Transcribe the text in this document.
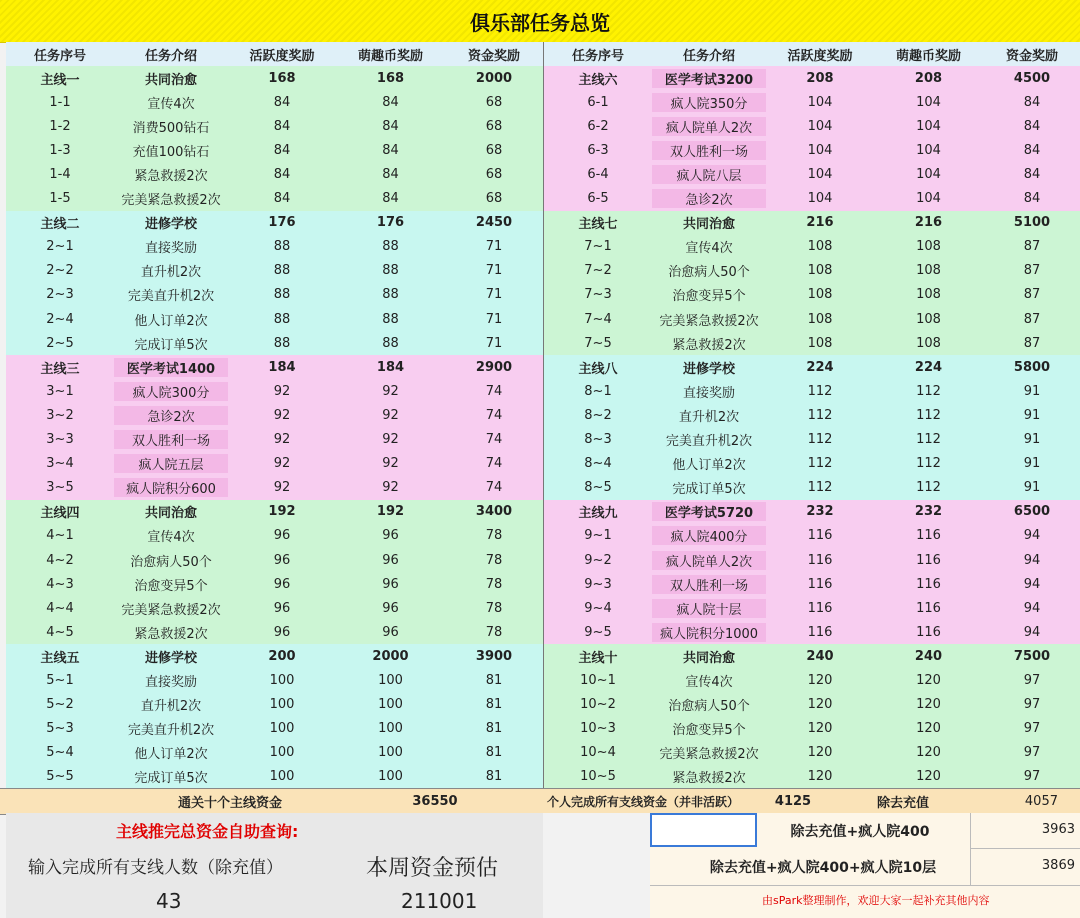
俱乐部任务总览
任务序号	任务介绍	活跃度奖励	萌趣币奖励	资金奖励
主线一	共同治愈	168	168	2000
1-1	宣传4次	84	84	68
1-2	消费500钻石	84	84	68
1-3	充值100钻石	84	84	68
1-4	紧急救援2次	84	84	68
1-5	完美紧急救援2次	84	84	68
主线二	进修学校	176	176	2450
2~1	直接奖励	88	88	71
2~2	直升机2次	88	88	71
2~3	完美直升机2次	88	88	71
2~4	他人订单2次	88	88	71
2~5	完成订单5次	88	88	71
主线三	医学考试1400	184	184	2900
3~1	疯人院300分	92	92	74
3~2	急诊2次	92	92	74
3~3	双人胜利一场	92	92	74
3~4	疯人院五层	92	92	74
3~5	疯人院积分600	92	92	74
主线四	共同治愈	192	192	3400
4~1	宣传4次	96	96	78
4~2	治愈病人50个	96	96	78
4~3	治愈变异5个	96	96	78
4~4	完美紧急救援2次	96	96	78
4~5	紧急救援2次	96	96	78
主线五	进修学校	200	2000	3900
5~1	直接奖励	100	100	81
5~2	直升机2次	100	100	81
5~3	完美直升机2次	100	100	81
5~4	他人订单2次	100	100	81
5~5	完成订单5次	100	100	81
任务序号	任务介绍	活跃度奖励	萌趣币奖励	资金奖励
主线六	医学考试3200	208	208	4500
6-1	疯人院350分	104	104	84
6-2	疯人院单人2次	104	104	84
6-3	双人胜利一场	104	104	84
6-4	疯人院八层	104	104	84
6-5	急诊2次	104	104	84
主线七	共同治愈	216	216	5100
7~1	宣传4次	108	108	87
7~2	治愈病人50个	108	108	87
7~3	治愈变异5个	108	108	87
7~4	完美紧急救援2次	108	108	87
7~5	紧急救援2次	108	108	87
主线八	进修学校	224	224	5800
8~1	直接奖励	112	112	91
8~2	直升机2次	112	112	91
8~3	完美直升机2次	112	112	91
8~4	他人订单2次	112	112	91
8~5	完成订单5次	112	112	91
主线九	医学考试5720	232	232	6500
9~1	疯人院400分	116	116	94
9~2	疯人院单人2次	116	116	94
9~3	双人胜利一场	116	116	94
9~4	疯人院十层	116	116	94
9~5	疯人院积分1000	116	116	94
主线十	共同治愈	240	240	7500
10~1	宣传4次	120	120	97
10~2	治愈病人50个	120	120	97
10~3	治愈变异5个	120	120	97
10~4	完美紧急救援2次	120	120	97
10~5	紧急救援2次	120	120	97
通关十个主线资金	36550	个人完成所有支线资金（并非活跃）	4125	除去充值	4057
主线推完总资金自助查询:
输入完成所有支线人数（除充值）	本周资金预估
43	211001
除去充值+疯人院400	3963
除去充值+疯人院400+疯人院10层	3869
由sPark整理制作，欢迎大家一起补充其他内容
